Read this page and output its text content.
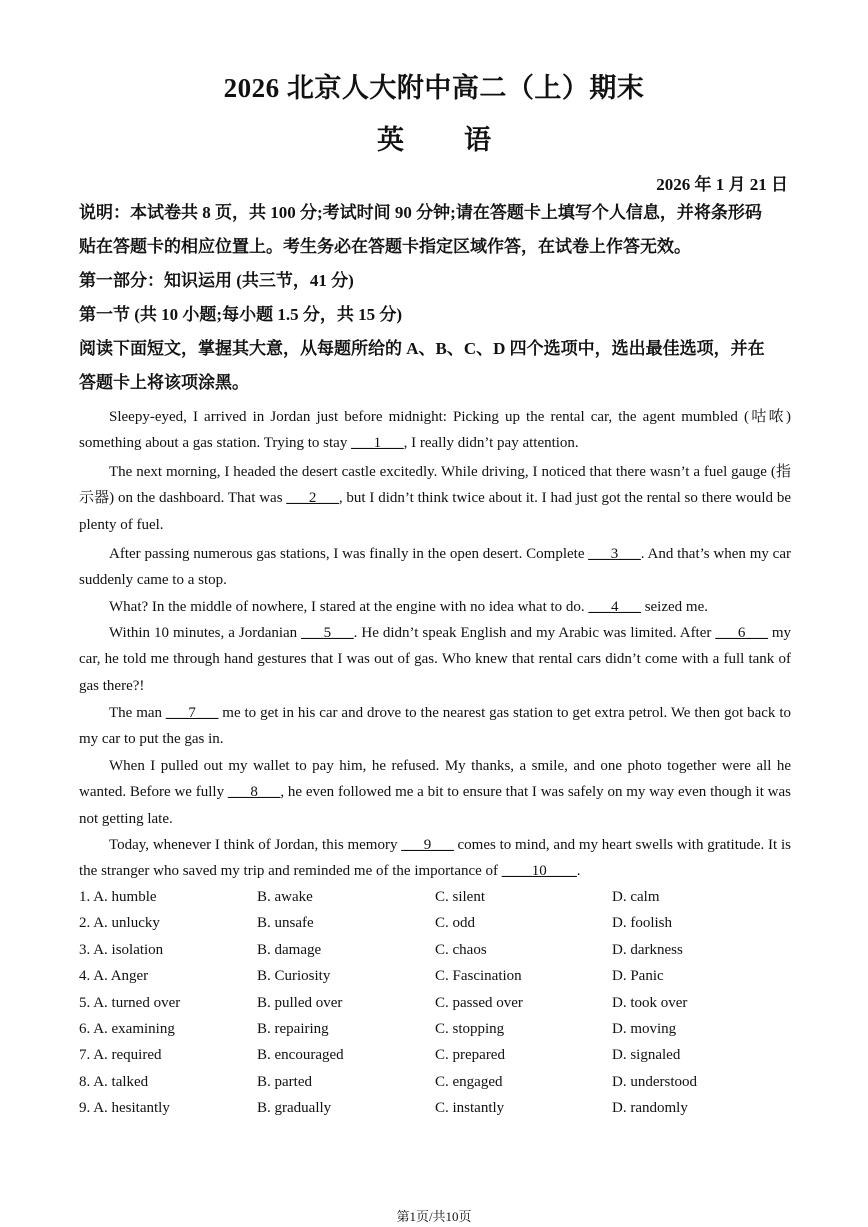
2026 北京人大附中高二（上）期末
英语
2026 年 1 月 21 日
说明：本试卷共 8 页，共 100 分;考试时间 90 分钟;请在答题卡上填写个人信息，并将条形码
贴在答题卡的相应位置上。考生务必在答题卡指定区域作答，在试卷上作答无效。
第一部分：知识运用 (共三节，41 分)
第一节 (共 10 小题;每小题 1.5 分，共 15 分)
阅读下面短文，掌握其大意，从每题所给的 A、B、C、D 四个选项中，选出最佳选项，并在
答题卡上将该项涂黑。
Sleepy-eyed, I arrived in Jordan just before midnight: Picking up the rental car, the agent mumbled (咕哝) something about a gas station. Trying to stay ___1___, I really didn’t pay attention.
The next morning, I headed the desert castle excitedly. While driving, I noticed that there wasn’t a fuel gauge (指示器) on the dashboard. That was ___2___, but I didn’t think twice about it. I had just got the rental so there would be plenty of fuel.
After passing numerous gas stations, I was finally in the open desert. Complete ___3___. And that’s when my car suddenly came to a stop.
What? In the middle of nowhere, I stared at the engine with no idea what to do. ___4___ seized me.
Within 10 minutes, a Jordanian ___5___. He didn’t speak English and my Arabic was limited. After ___6___ my car, he told me through hand gestures that I was out of gas. Who knew that rental cars didn’t come with a full tank of gas there?!
The man ___7___ me to get in his car and drove to the nearest gas station to get extra petrol. We then got back to my car to put the gas in.
When I pulled out my wallet to pay him, he refused. My thanks, a smile, and one photo together were all he wanted. Before we fully ___8___, he even followed me a bit to ensure that I was safely on my way even though it was not getting late.
Today, whenever I think of Jordan, this memory ___9___ comes to mind, and my heart swells with gratitude. It is the stranger who saved my trip and reminded me of the importance of ____10____.
1. A. humble	B. awake	C. silent	D. calm
2. A. unlucky	B. unsafe	C. odd	D. foolish
3. A. isolation	B. damage	C. chaos	D. darkness
4. A. Anger	B. Curiosity	C. Fascination	D. Panic
5. A. turned over	B. pulled over	C. passed over	D. took over
6. A. examining	B. repairing	C. stopping	D. moving
7. A. required	B. encouraged	C. prepared	D. signaled
8. A. talked	B. parted	C. engaged	D. understood
9. A. hesitantly	B. gradually	C. instantly	D. randomly
第1页/共10页
